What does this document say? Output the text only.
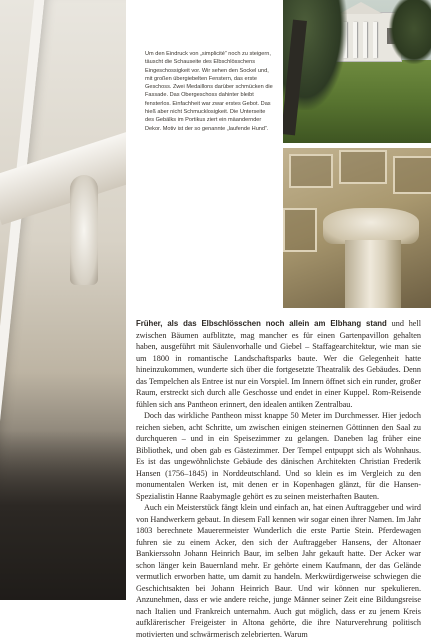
Um den Eindruck von „simplicité“ noch zu steigern, täuscht die Schauseite des Elbschlösschens Eingeschossigkeit vor. Wir sehen den Sockel und, mit großen übergiebelten Fenstern, das erste Geschoss. Zwei Medaillons darüber schmücken die Fassade. Das Obergeschoss dahinter bleibt fensterlos. Einfachheit war zwar erstes Gebot. Das hieß aber nicht Schmucklosigkeit. Die Unterseite des Gebälks im Portikus ziert ein mäandernder Dekor. Motiv ist der so genannte „laufende Hund“.

Früher, als das Elbschlösschen noch allein am Elbhang stand und hell zwischen Bäumen aufblitzte, mag mancher es für einen Gartenpavillon gehalten haben, ausgeführt mit Säulenvorhalle und Giebel – Staffagearchitektur, wie man sie um 1800 in romantische Landschaftsparks baute. Wer die Gelegenheit hatte hineinzukommen, wunderte sich über die fortgesetzte Theatralik des Gebäudes. Denn das Tempelchen als Entree ist nur ein Vorspiel. Im Innern öffnet sich ein runder, großer Raum, erstreckt sich durch alle Geschosse und endet in einer Kuppel. Rom-Reisende fühlen sich ans Pantheon erinnert, den idealen antiken Zentralbau.

Doch das wirkliche Pantheon misst knappe 50 Meter im Durchmesser. Hier jedoch reichen sieben, acht Schritte, um zwischen einigen steinernen Göttinnen den Saal zu durchqueren – und in ein Speisezimmer zu gelangen. Daneben lag früher eine Bibliothek, und oben gab es Gästezimmer. Der Tempel entpuppt sich als Wohnhaus. Es ist das ungewöhnlichste Gebäude des dänischen Architekten Christian Frederik Hansen (1756–1845) in Norddeutschland. Und so klein es im Vergleich zu den monumentalen Werken ist, mit denen er in Kopenhagen glänzt, für die Hansen-Spezialistin Hanne Raabymagle gehört es zu seinen meisterhaften Bauten.

Auch ein Meisterstück fängt klein und einfach an, hat einen Auftraggeber und wird von Handwerkern gebaut. In diesem Fall kennen wir sogar einen ihrer Namen. Im Jahr 1803 berechnete Mauerermeister Wunderlich die erste Partie Stein. Pferdewagen fuhren sie zu einem Acker, den sich der Auftraggeber Hansens, der Altonaer Bankierssohn Johann Heinrich Baur, im selben Jahr gekauft hatte. Der Acker war schon länger kein Bauernland mehr. Er gehörte einem Kaufmann, der das Gelände vermutlich erworben hatte, um damit zu handeln. Merkwürdigerweise schwiegen die Geschichtsakten bei Johann Heinrich Baur. Und wir können nur spekulieren. Anzunehmen, dass er wie andere reiche, junge Männer seiner Zeit eine Bildungsreise nach Italien und Frankreich unternahm. Auch gut möglich, dass er zu jenem Kreis aufklärerischer Freigeister in Altona gehörte, die ihre Naturverehrung politisch motivierten und schwärmerisch zelebrierten. Warum
